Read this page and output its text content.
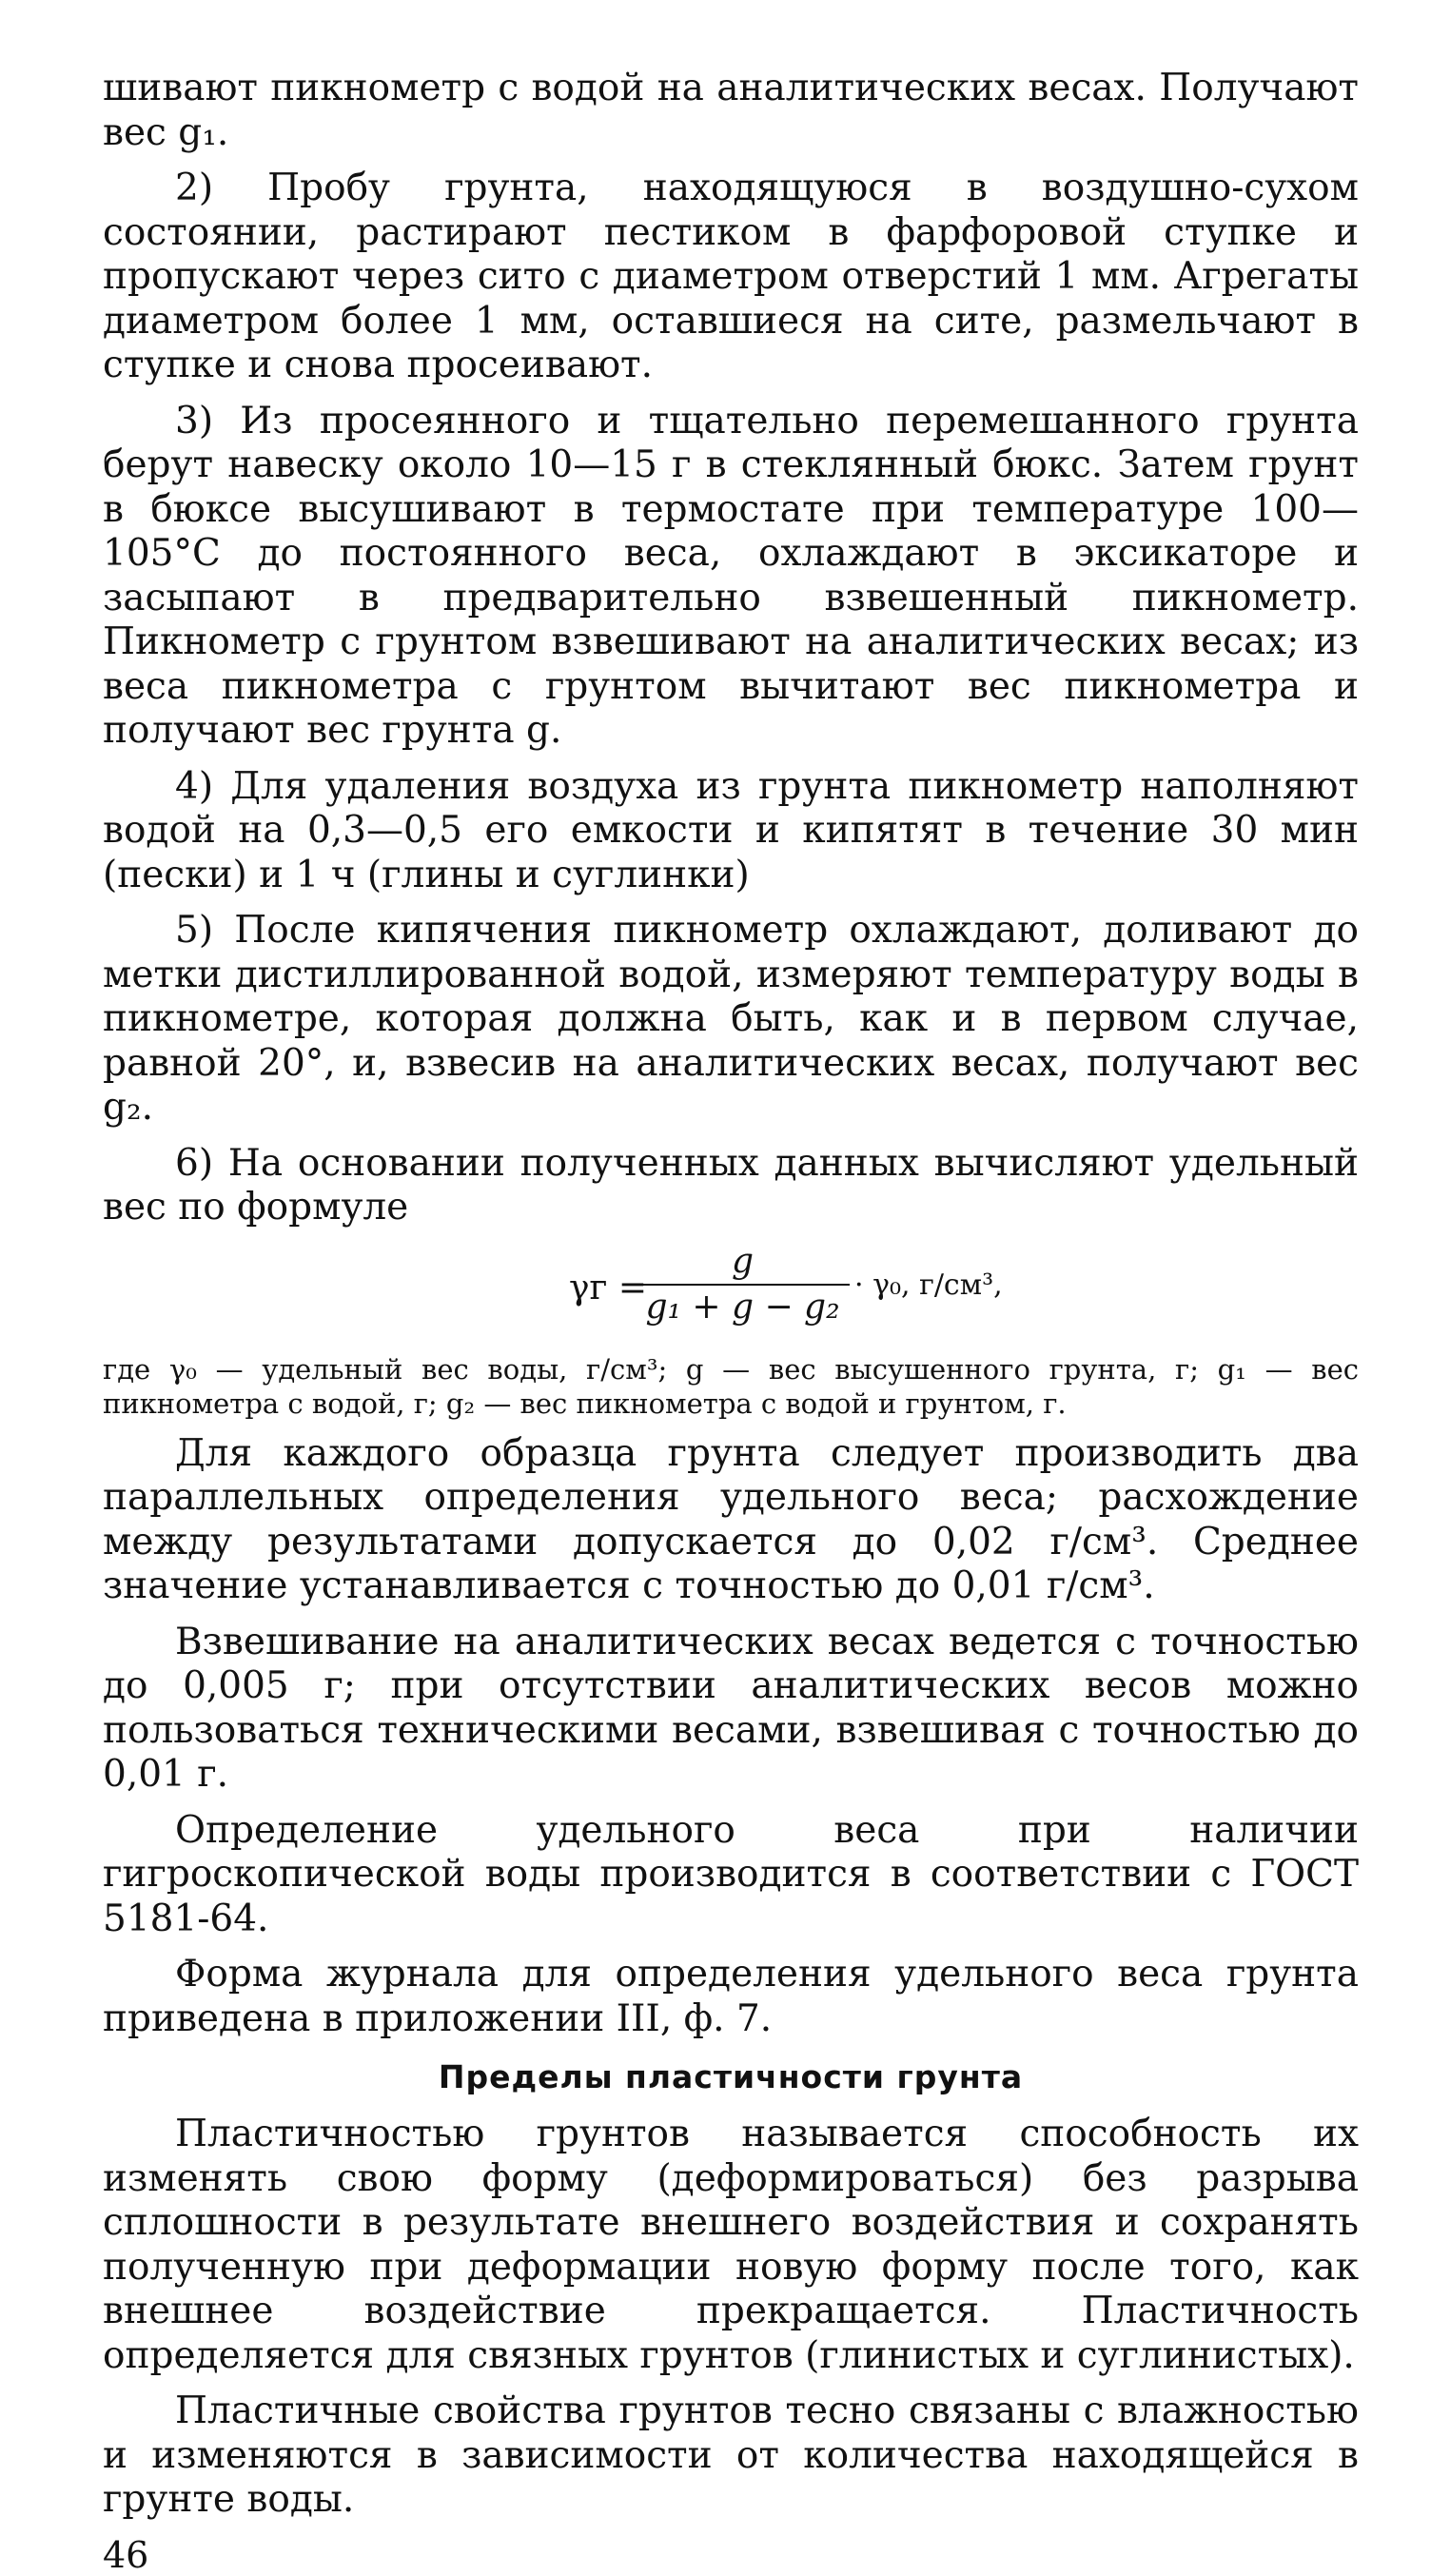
шивают пикнометр с водой на аналитических весах. Получают вес g₁.

2) Пробу грунта, находящуюся в воздушно-сухом состоянии, растирают пестиком в фарфоровой ступке и пропускают через сито с диаметром отверстий 1 мм. Агрегаты диаметром более 1 мм, оставшиеся на сите, размельчают в ступке и снова просеивают.

3) Из просеянного и тщательно перемешанного грунта берут навеску около 10—15 г в стеклянный бюкс. Затем грунт в бюксе высушивают в термостате при температуре 100—105°С до постоянного веса, охлаждают в эксикаторе и засыпают в предварительно взвешенный пикнометр. Пикнометр с грунтом взвешивают на аналитических весах; из веса пикнометра с грунтом вычитают вес пикнометра и получают вес грунта g.

4) Для удаления воздуха из грунта пикнометр наполняют водой на 0,3—0,5 его емкости и кипятят в течение 30 мин (пески) и 1 ч (глины и суглинки)

5) После кипячения пикнометр охлаждают, доливают до метки дистиллированной водой, измеряют температуру воды в пикнометре, которая должна быть, как и в первом случае, равной 20°, и, взвесив на аналитических весах, получают вес g₂.

6) На основании полученных данных вычисляют удельный вес по формуле

γг =
g
g₁ + g − g₂
· γ₀, г/см³,

где γ₀ — удельный вес воды, г/см³; g — вес высушенного грунта, г; g₁ — вес пикнометра с водой, г; g₂ — вес пикнометра с водой и грунтом, г.

Для каждого образца грунта следует производить два параллельных определения удельного веса; расхождение между результатами допускается до 0,02 г/см³. Среднее значение устанавливается с точностью до 0,01 г/см³.

Взвешивание на аналитических весах ведется с точностью до 0,005 г; при отсутствии аналитических весов можно пользоваться техническими весами, взвешивая с точностью до 0,01 г.

Определение удельного веса при наличии гигроскопической воды производится в соответствии с ГОСТ 5181-64.

Форма журнала для определения удельного веса грунта приведена в приложении III, ф. 7.

Пределы пластичности грунта

Пластичностью грунтов называется способность их изменять свою форму (деформироваться) без разрыва сплошности в результате внешнего воздействия и сохранять полученную при деформации новую форму после того, как внешнее воздействие прекращается. Пластичность определяется для связных грунтов (глинистых и суглинистых).

Пластичные свойства грунтов тесно связаны с влажностью и изменяются в зависимости от количества находящейся в грунте воды.

46
